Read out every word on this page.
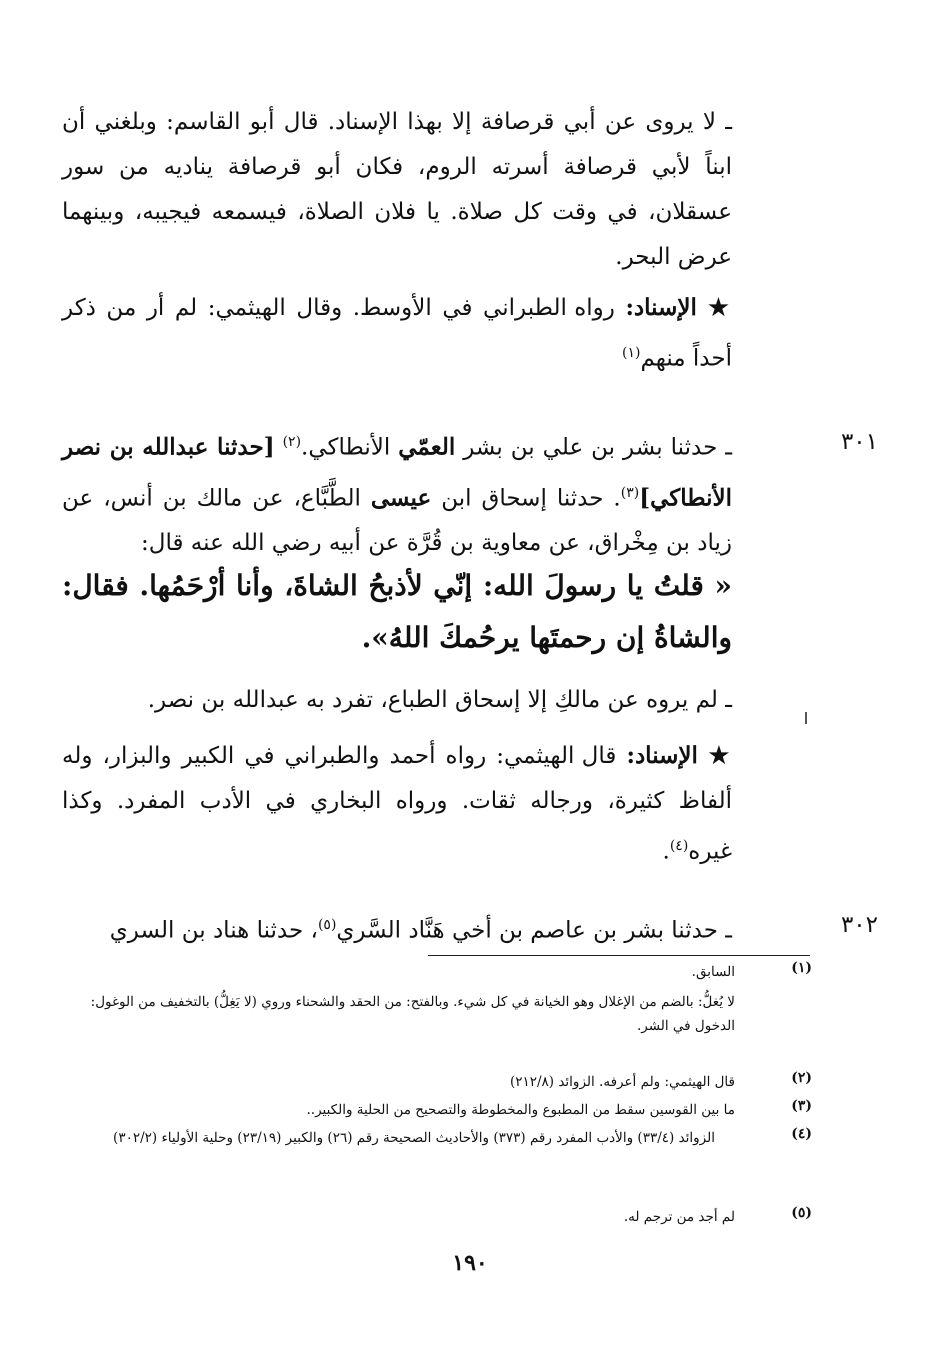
ـ لا يروى عن أبي قرصافة إلا بهذا الإسناد. قال أبو القاسم: وبلغني أن ابناً لأبي قرصافة أسرته الروم، فكان أبو قرصافة يناديه من سور عسقلان، في وقت كل صلاة. يا فلان الصلاة، فيسمعه فيجيبه، وبينهما عرض البحر.
★ الإسناد: رواه الطبراني في الأوسط. وقال الهيثمي: لم أر من ذكر أحداً منهم$^{(١)}$
٣٠١
ـ حدثنا بشر بن علي بن بشر العمّي الأنطاكي.$^{(٢)}$ [حدثنا عبدالله بن نصر الأنطاكي]$^{(٣)}$. حدثنا إسحاق ابن عيسى الطَّبَّاع، عن مالك بن أنس، عن زياد بن مِخْراق، عن معاوية بن قُرَّة عن أبيه رضي الله عنه قال:
« قلتُ يا رسولَ الله: إنّي لأذبحُ الشاةَ، وأنا أرْحَمُها. فقال: والشاةُ إن رحمتَها يرحُمكَ اللهُ».
ـ لم يروه عن مالكِ إلا إسحاق الطباع، تفرد به عبدالله بن نصر.
★ الإسناد: قال الهيثمي: رواه أحمد والطبراني في الكبير والبزار، وله ألفاظ كثيرة، ورجاله ثقات. ورواه البخاري في الأدب المفرد. وكذا غيره$^{(٤)}$.
٣٠٢
ـ حدثنا بشر بن عاصم بن أخي هَنَّاد السَّري$^{(٥)}$، حدثنا هناد بن السري
(١)
السابق.
لا يُغلُّ: بالضم من الإغلال وهو الخيانة في كل شيء. وبالفتح: من الحقد والشحناء وروي (لا يَغِلُّ) بالتخفيف من الوغول: الدخول في الشر.
(٢)
قال الهيثمي: ولم أعرفه. الزوائد (٢١٢/٨)
(٣)
ما بين القوسين سقط من المطبوع والمخطوطة والتصحيح من الحلية والكبير..
(٤)
الزوائد (٣٣/٤) والأدب المفرد رقم (٣٧٣) والأحاديث الصحيحة رقم (٢٦) والكبير (٢٣/١٩) وحلية الأولياء (٣٠٢/٢)
(٥)
لم أجد من ترجم له.
١٩٠
